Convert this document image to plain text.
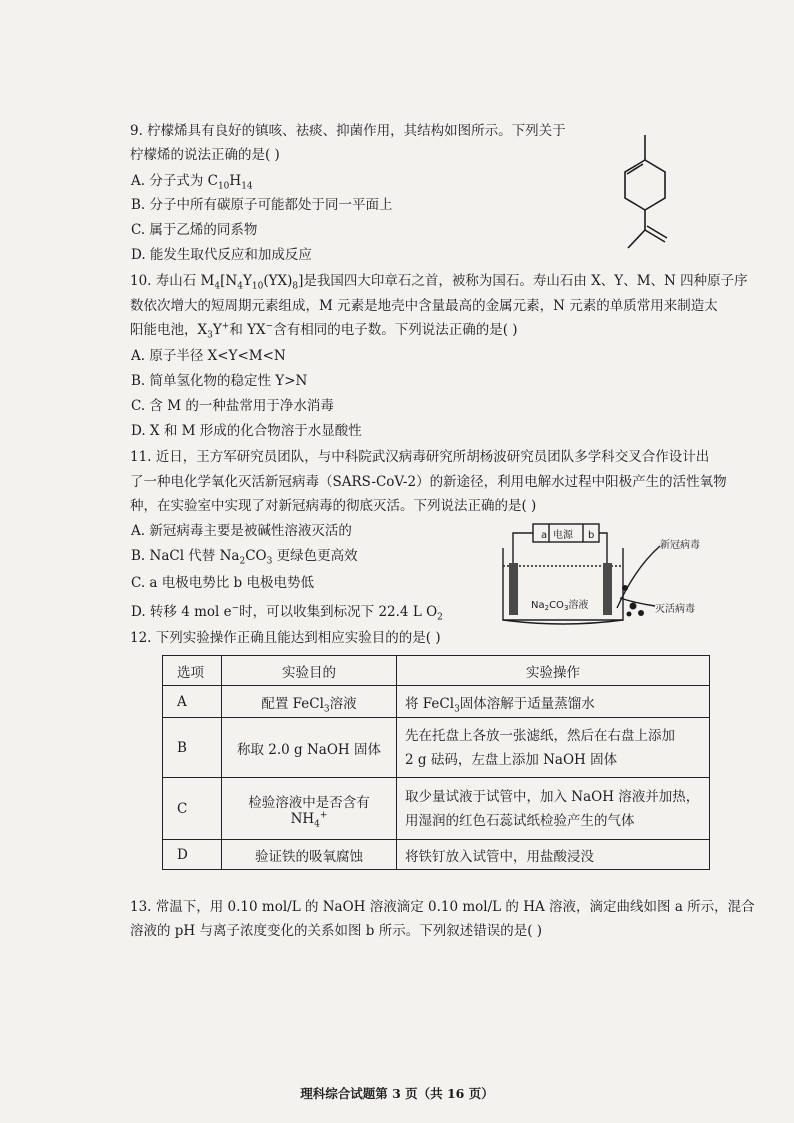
9. 柠檬烯具有良好的镇咳、祛痰、抑菌作用，其结构如图所示。下列关于
柠檬烯的说法正确的是( )
A. 分子式为 $C_{10}H_{14}$
B. 分子中所有碳原子可能都处于同一平面上
C. 属于乙烯的同系物
D. 能发生取代反应和加成反应
10. 寿山石 $M_4[N_4Y_{10}(YX)_8]$是我国四大印章石之首，被称为国石。寿山石由 X、Y、M、N 四种原子序
数依次增大的短周期元素组成，M 元素是地壳中含量最高的金属元素，N 元素的单质常用来制造太
阳能电池，$X_3Y^+$和 YX−含有相同的电子数。下列说法正确的是( )
A. 原子半径 X<Y<M<N
B. 简单氢化物的稳定性 Y>N
C. 含 M 的一种盐常用于净水消毒
D. X 和 M 形成的化合物溶于水显酸性
11. 近日，王方军研究员团队，与中科院武汉病毒研究所胡杨波研究员团队多学科交叉合作设计出
了一种电化学氧化灭活新冠病毒（SARS-CoV-2）的新途径，利用电解水过程中阳极产生的活性氧物
种，在实验室中实现了对新冠病毒的彻底灭活。下列说法正确的是( )
A. 新冠病毒主要是被碱性溶液灭活的
B. NaCl 代替 $Na_2CO_3$ 更绿色更高效
C. a 电极电势比 b 电极电势低
D. 转移 4 mol e−时，可以收集到标况下 22.4 L $O_2$
a 电源 b
$Na_2CO_3$溶液
新冠病毒
灭活病毒
12. 下列实验操作正确且能达到相应实验目的的是( )
选项	实验目的	实验操作
A	配置 FeCl$_3$溶液	将 FeCl$_3$固体溶解于适量蒸馏水
B	称取 2.0 g NaOH 固体	先在托盘上各放一张滤纸，然后在右盘上添加
2 g 砝码，左盘上添加 NaOH 固体
C	检验溶液中是否含有 $NH_4^+$	取少量试液于试管中，加入 NaOH 溶液并加热，
用湿润的红色石蕊试纸检验产生的气体
D	验证铁的吸氧腐蚀	将铁钉放入试管中，用盐酸浸没
13. 常温下，用 0.10 mol/L 的 NaOH 溶液滴定 0.10 mol/L 的 HA 溶液，滴定曲线如图 a 所示，混合
溶液的 pH 与离子浓度变化的关系如图 b 所示。下列叙述错误的是( )
理科综合试题第 3 页（共 16 页）
